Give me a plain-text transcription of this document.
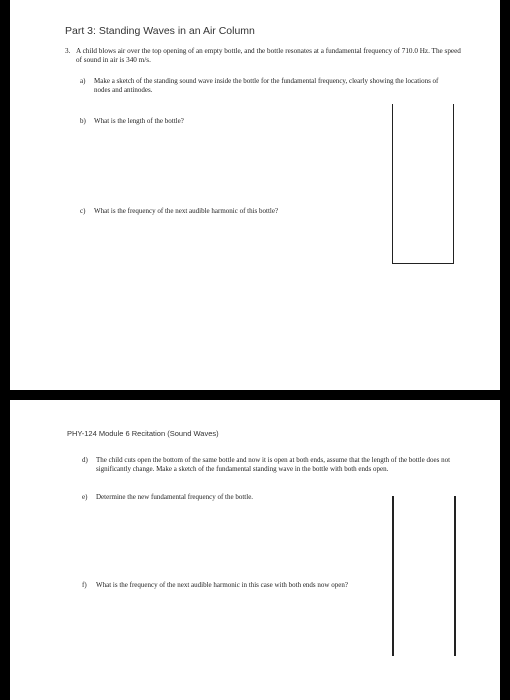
Part 3: Standing Waves in an Air Column
3. A child blows air over the top opening of an empty bottle, and the bottle resonates at a fundamental frequency of 710.0 Hz. The speed of sound in air is 340 m/s.
a) Make a sketch of the standing sound wave inside the bottle for the fundamental frequency, clearly showing the locations of nodes and antinodes.
b) What is the length of the bottle?
c) What is the frequency of the next audible harmonic of this bottle?
PHY-124 Module 6 Recitation (Sound Waves)
d) The child cuts open the bottom of the same bottle and now it is open at both ends, assume that the length of the bottle does not significantly change. Make a sketch of the fundamental standing wave in the bottle with both ends open.
e) Determine the new fundamental frequency of the bottle.
f) What is the frequency of the next audible harmonic in this case with both ends now open?
